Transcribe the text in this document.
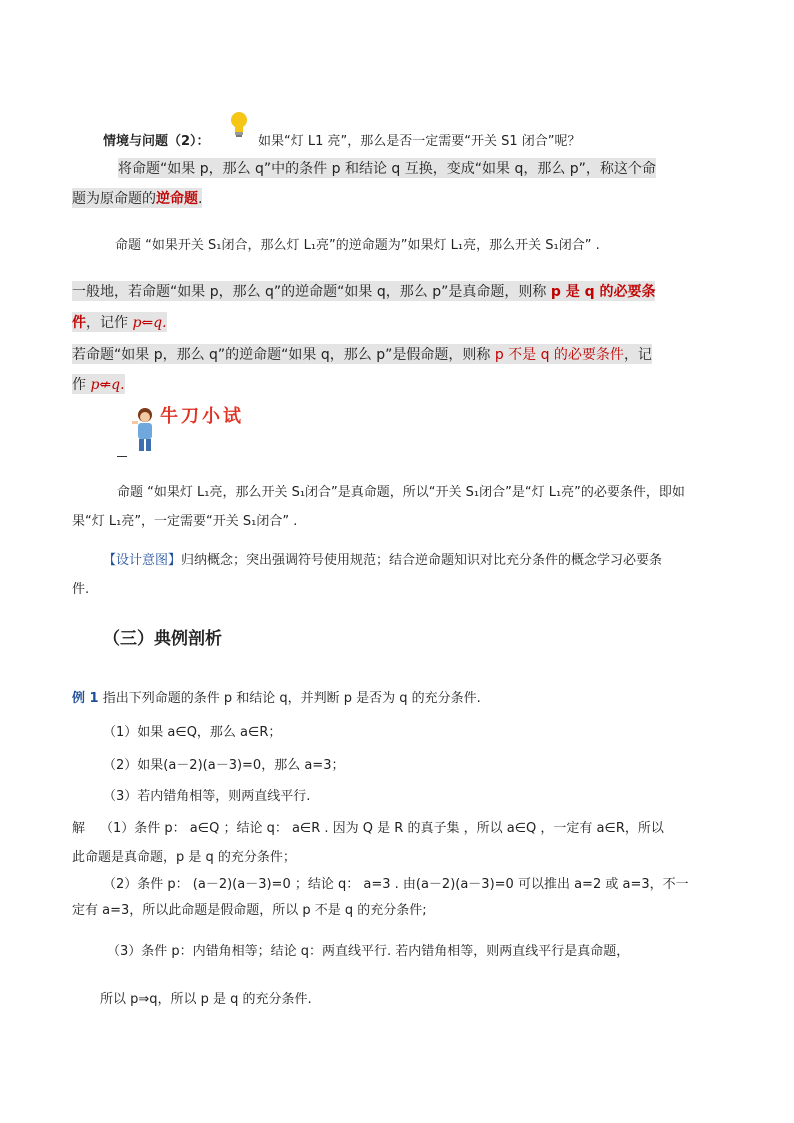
情境与问题（2）：	如果“灯 L1 亮”，那么是否一定需要“开关 S1 闭合”呢？
将命题“如果 p，那么 q”中的条件 p 和结论 q 互换，变成“如果 q，那么 p”，称这个命
题为原命题的逆命题.
命题 “如果开关 S₁闭合，那么灯 L₁亮”的逆命题为”如果灯 L₁亮，那么开关 S₁闭合” .
一般地，若命题“如果 p，那么 q”的逆命题“如果 q，那么 p”是真命题，则称 p 是 q 的必要条
件，记作 p⇐q.
若命题“如果 p，那么 q”的逆命题“如果 q，那么 p”是假命题，则称 p 不是 q 的必要条件，记
作 p⇍q.
牛刀小试
命题 “如果灯 L₁亮，那么开关 S₁闭合”是真命题，所以“开关 S₁闭合”是“灯 L₁亮”的必要条件，即如
果“灯 L₁亮”，一定需要“开关 S₁闭合” .
【设计意图】归纳概念；突出强调符号使用规范；结合逆命题知识对比充分条件的概念学习必要条
件.
（三）典例剖析
例 1 指出下列命题的条件 p 和结论 q，并判断 p 是否为 q 的充分条件.
（1）如果 a∈Q，那么 a∈R；
（2）如果(a－2)(a－3)=0，那么 a=3；
（3）若内错角相等，则两直线平行.
解 （1）条件 p： a∈Q ；结论 q： a∈R . 因为 Q 是 R 的真子集 ，所以 a∈Q ，一定有 a∈R，所以
此命题是真命题，p 是 q 的充分条件；
（2）条件 p： (a－2)(a－3)=0 ；结论 q： a=3 . 由(a－2)(a－3)=0 可以推出 a=2 或 a=3，不一
定有 a=3，所以此命题是假命题，所以 p 不是 q 的充分条件;
（3）条件 p：内错角相等；结论 q：两直线平行. 若内错角相等，则两直线平行是真命题，
所以 p⇒q，所以 p 是 q 的充分条件.
